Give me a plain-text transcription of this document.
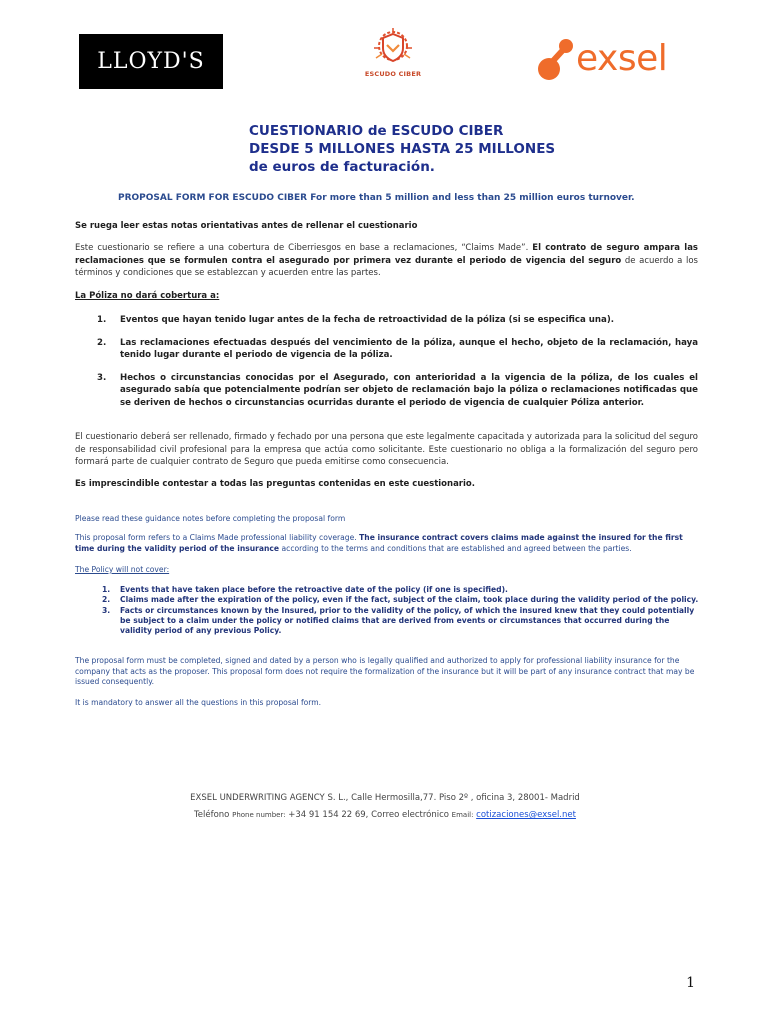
LLOYD'S	ESCUDO CIBER	exsel
CUESTIONARIO de ESCUDO CIBER
DESDE 5 MILLONES HASTA 25 MILLONES
de euros de facturación.
PROPOSAL FORM FOR ESCUDO CIBER For more than 5 million and less than 25 million euros turnover.
Se ruega leer estas notas orientativas antes de rellenar el cuestionario
Este cuestionario se refiere a una cobertura de Ciberriesgos en base a reclamaciones, “Claims Made”. El contrato de seguro ampara las reclamaciones que se formulen contra el asegurado por primera vez durante el periodo de vigencia del seguro de acuerdo a los términos y condiciones que se establezcan y acuerden entre las partes.
La Póliza no dará cobertura a:
1. Eventos que hayan tenido lugar antes de la fecha de retroactividad de la póliza (si se especifica una).
2. Las reclamaciones efectuadas después del vencimiento de la póliza, aunque el hecho, objeto de la reclamación, haya tenido lugar durante el periodo de vigencia de la póliza.
3. Hechos o circunstancias conocidas por el Asegurado, con anterioridad a la vigencia de la póliza, de los cuales el asegurado sabía que potencialmente podrían ser objeto de reclamación bajo la póliza o reclamaciones notificadas que se deriven de hechos o circunstancias ocurridas durante el periodo de vigencia de cualquier Póliza anterior.
El cuestionario deberá ser rellenado, firmado y fechado por una persona que este legalmente capacitada y autorizada para la solicitud del seguro de responsabilidad civil profesional para la empresa que actúa como solicitante. Este cuestionario no obliga a la formalización del seguro pero formará parte de cualquier contrato de Seguro que pueda emitirse como consecuencia.
Es imprescindible contestar a todas las preguntas contenidas en este cuestionario.
Please read these guidance notes before completing the proposal form
This proposal form refers to a Claims Made professional liability coverage. The insurance contract covers claims made against the insured for the first time during the validity period of the insurance according to the terms and conditions that are established and agreed between the parties.
The Policy will not cover:
1. Events that have taken place before the retroactive date of the policy (if one is specified).
2. Claims made after the expiration of the policy, even if the fact, subject of the claim, took place during the validity period of the policy.
3. Facts or circumstances known by the Insured, prior to the validity of the policy, of which the insured knew that they could potentially be subject to a claim under the policy or notified claims that are derived from events or circumstances that occurred during the validity period of any previous Policy.
The proposal form must be completed, signed and dated by a person who is legally qualified and authorized to apply for professional liability insurance for the company that acts as the proposer. This proposal form does not require the formalization of the insurance but it will be part of any insurance contract that may be issued consequently.
It is mandatory to answer all the questions in this proposal form.
EXSEL UNDERWRITING AGENCY S. L., Calle Hermosilla,77. Piso 2º , oficina 3, 28001- Madrid
Teléfono Phone number: +34 91 154 22 69, Correo electrónico Email: cotizaciones@exsel.net
1
